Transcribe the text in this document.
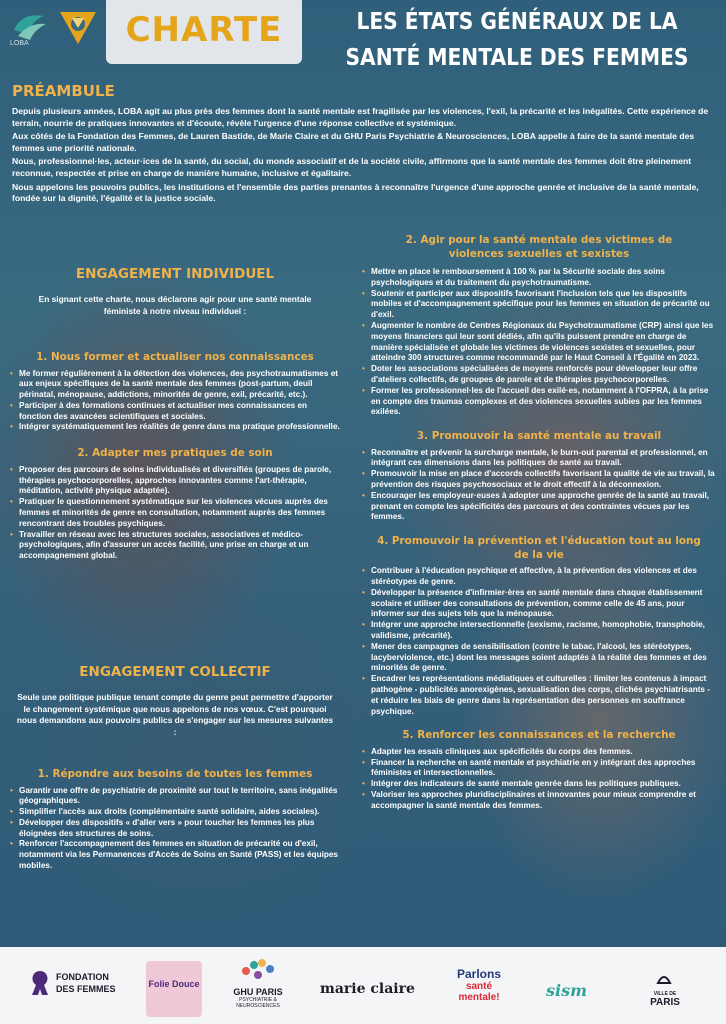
LOBA	CHARTE	LES ÉTATS GÉNÉRAUX DE LA SANTÉ MENTALE DES FEMMES
PRÉAMBULE

Depuis plusieurs années, LOBA agit au plus près des femmes dont la santé mentale est fragilisée par les violences, l'exil, la précarité et les inégalités. Cette expérience de terrain, nourrie de pratiques innovantes et d'écoute, révèle l'urgence d'une réponse collective et systémique.

Aux côtés de la Fondation des Femmes, de Lauren Bastide, de Marie Claire et du GHU Paris Psychiatrie & Neurosciences, LOBA appelle à faire de la santé mentale des femmes une priorité nationale.

Nous, professionnel·les, acteur·ices de la santé, du social, du monde associatif et de la société civile, affirmons que la santé mentale des femmes doit être pleinement reconnue, respectée et prise en charge de manière humaine, inclusive et égalitaire.

Nous appelons les pouvoirs publics, les institutions et l'ensemble des parties prenantes à reconnaître l'urgence d'une approche genrée et inclusive de la santé mentale, fondée sur la dignité, l'égalité et la justice sociale.

ENGAGEMENT INDIVIDUEL
En signant cette charte, nous déclarons agir pour une santé mentale féministe à notre niveau individuel :
1. Nous former et actualiser nos connaissances
• Me former régulièrement à la détection des violences, des psychotraumatismes et aux enjeux spécifiques de la santé mentale des femmes (post-partum, deuil périnatal, ménopause, addictions, minorités de genre, exil, précarité, etc.).
• Participer à des formations continues et actualiser mes connaissances en fonction des avancées scientifiques et sociales.
• Intégrer systématiquement les réalités de genre dans ma pratique professionnelle.
2. Adapter mes pratiques de soin
• Proposer des parcours de soins individualisés et diversifiés (groupes de parole, thérapies psychocorporelles, approches innovantes comme l'art-thérapie, méditation, activité physique adaptée).
• Pratiquer le questionnement systématique sur les violences vécues auprès des femmes et minorités de genre en consultation, notamment auprès des femmes rencontrant des troubles psychiques.
• Travailler en réseau avec les structures sociales, associatives et médico-psychologiques, afin d'assurer un accès facilité, une prise en charge et un accompagnement global.
ENGAGEMENT COLLECTIF
Seule une politique publique tenant compte du genre peut permettre d'apporter le changement systémique que nous appelons de nos vœux. C'est pourquoi nous demandons aux pouvoirs publics de s'engager sur les mesures suivantes :
1. Répondre aux besoins de toutes les femmes
• Garantir une offre de psychiatrie de proximité sur tout le territoire, sans inégalités géographiques.
• Simplifier l'accès aux droits (complémentaire santé solidaire, aides sociales).
• Développer des dispositifs « d'aller vers » pour toucher les femmes les plus éloignées des structures de soins.
• Renforcer l'accompagnement des femmes en situation de précarité ou d'exil, notamment via les Permanences d'Accès de Soins en Santé (PASS) et les équipes mobiles.
2. Agir pour la santé mentale des victimes de violences sexuelles et sexistes
• Mettre en place le remboursement à 100 % par la Sécurité sociale des soins psychologiques et du traitement du psychotraumatisme.
• Soutenir et participer aux dispositifs favorisant l'inclusion tels que les dispositifs mobiles et d'accompagnement spécifique pour les femmes en situation de précarité ou d'exil.
• Augmenter le nombre de Centres Régionaux du Psychotraumatisme (CRP) ainsi que les moyens financiers qui leur sont dédiés, afin qu'ils puissent prendre en charge de manière spécialisée et globale les victimes de violences sexistes et sexuelles, pour atteindre 300 structures comme recommandé par le Haut Conseil à l'Égalité en 2023.
• Doter les associations spécialisées de moyens renforcés pour développer leur offre d'ateliers collectifs, de groupes de parole et de thérapies psychocorporelles.
• Former les professionnel·les de l'accueil des exilé·es, notamment à l'OFPRA, à la prise en compte des traumas complexes et des violences sexuelles subies par les femmes exilées.
3. Promouvoir la santé mentale au travail
• Reconnaître et prévenir la surcharge mentale, le burn-out parental et professionnel, en intégrant ces dimensions dans les politiques de santé au travail.
• Promouvoir la mise en place d'accords collectifs favorisant la qualité de vie au travail, la prévention des risques psychosociaux et le droit effectif à la déconnexion.
• Encourager les employeur·euses à adopter une approche genrée de la santé au travail, prenant en compte les spécificités des parcours et des contraintes vécues par les femmes.
4. Promouvoir la prévention et l'éducation tout au long de la vie
• Contribuer à l'éducation psychique et affective, à la prévention des violences et des stéréotypes de genre.
• Développer la présence d'infirmier·ères en santé mentale dans chaque établissement scolaire et utiliser des consultations de prévention, comme celle de 45 ans, pour informer sur des sujets tels que la ménopause.
• Intégrer une approche intersectionnelle (sexisme, racisme, homophobie, transphobie, validisme, précarité).
• Mener des campagnes de sensibilisation (contre le tabac, l'alcool, les stéréotypes, lacyberviolence, etc.) dont les messages soient adaptés à la réalité des femmes et des minorités de genre.
• Encadrer les représentations médiatiques et culturelles : limiter les contenus à impact pathogène - publicités anorexigènes, sexualisation des corps, clichés psychiatrisants - et réduire les biais de genre dans la représentation des personnes en souffrance psychique.
5. Renforcer les connaissances et la recherche
• Adapter les essais cliniques aux spécificités du corps des femmes.
• Financer la recherche en santé mentale et psychiatrie en y intégrant des approches féministes et intersectionnelles.
• Intégrer des indicateurs de santé mentale genrée dans les politiques publiques.
• Valoriser les approches pluridisciplinaires et innovantes pour mieux comprendre et accompagner la santé mentale des femmes.
FONDATION
DES FEMMES	Folie Douce
GHU PARIS
PSYCHIATRIE & NEUROSCIENCES
marie claire
Parlons
santé mentale!	sism	VILLE DE
PARIS
